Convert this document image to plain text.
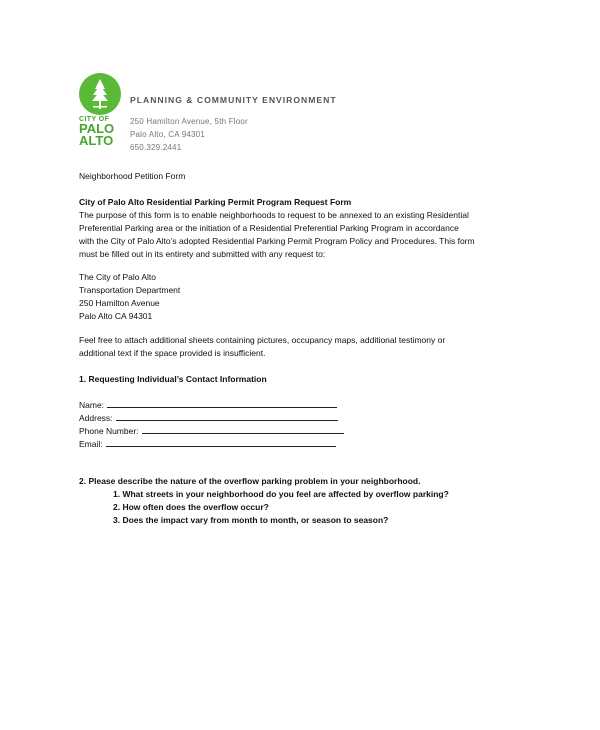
CITY OF
PALO
ALTO
PLANNING & COMMUNITY ENVIRONMENT
250 Hamilton Avenue, 5th Floor
Palo Alto, CA 94301
650.329.2441
Neighborhood Petition Form
City of Palo Alto Residential Parking Permit Program Request Form
The purpose of this form is to enable neighborhoods to request to be annexed to an existing Residential
Preferential Parking area or the initiation of a Residential Preferential Parking Program in accordance
with the City of Palo Alto’s adopted Residential Parking Permit Program Policy and Procedures. This form
must be filled out in its entirety and submitted with any request to:
The City of Palo Alto
Transportation Department
250 Hamilton Avenue
Palo Alto CA 94301
Feel free to attach additional sheets containing pictures, occupancy maps, additional testimony or
additional text if the space provided is insufficient.
1. Requesting Individual’s Contact Information
Name:
Address:
Phone Number:
Email:
2. Please describe the nature of the overflow parking problem in your neighborhood.
1. What streets in your neighborhood do you feel are affected by overflow parking?
2. How often does the overflow occur?
3. Does the impact vary from month to month, or season to season?
